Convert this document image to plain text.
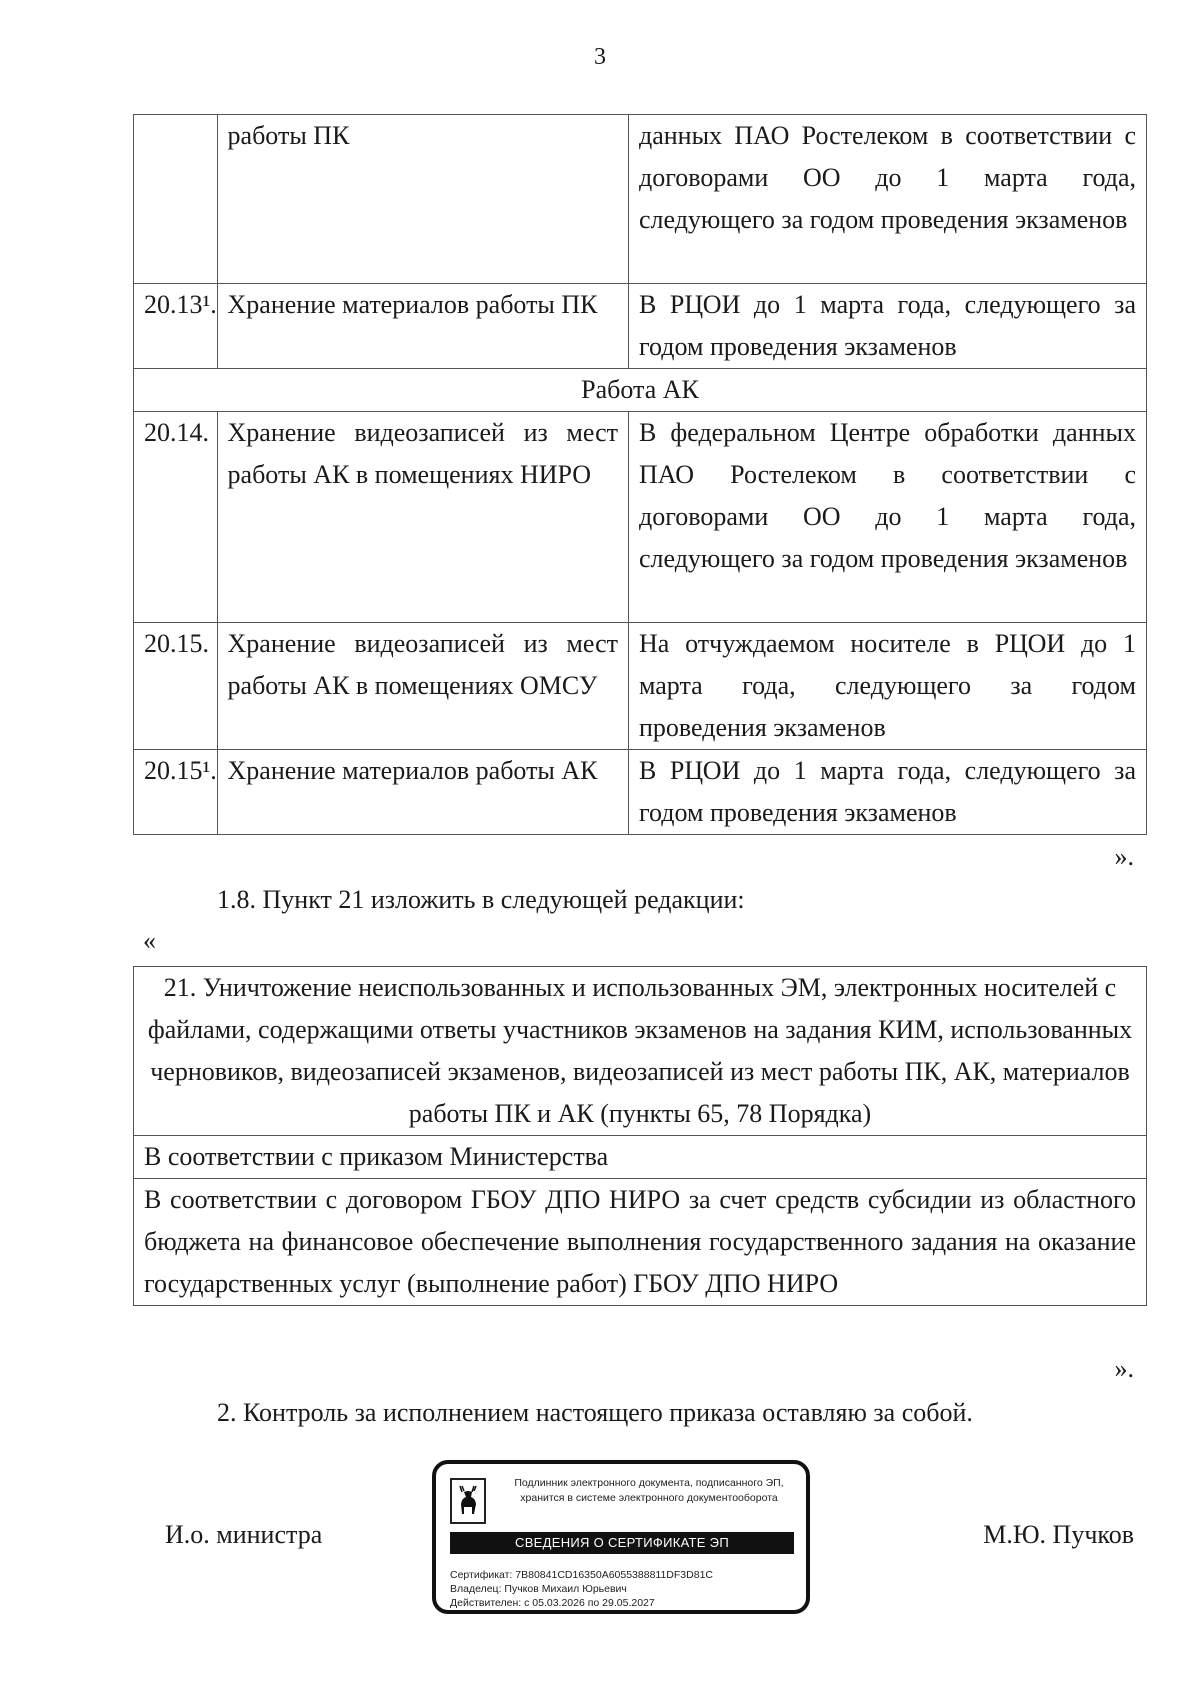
3
	работы ПК	данных ПАО Ростелеком в соответствии с договорами ОО до 1 марта года, следующего за годом проведения экзаменов
20.13¹.	Хранение материалов работы ПК	В РЦОИ до 1 марта года, следующего за годом проведения экзаменов
Работа АК		
20.14.	Хранение видеозаписей из мест работы АК в помещениях НИРО	В федеральном Центре обработки данных ПАО Ростелеком в соответствии с договорами ОО до 1 марта года, следующего за годом проведения экзаменов
20.15.	Хранение видеозаписей из мест работы АК в помещениях ОМСУ	На отчуждаемом носителе в РЦОИ до 1 марта года, следующего за годом проведения экзаменов
20.15¹.	Хранение материалов работы АК	В РЦОИ до 1 марта года, следующего за годом проведения экзаменов
».
1.8. Пункт 21 изложить в следующей редакции:
«
21. Уничтожение неиспользованных и использованных ЭМ, электронных носителей с файлами, содержащими ответы участников экзаменов на задания КИМ, использованных черновиков, видеозаписей экзаменов, видеозаписей из мест работы ПК, АК, материалов работы ПК и АК (пункты 65, 78 Порядка)
В соответствии с приказом Министерства
В соответствии с договором ГБОУ ДПО НИРО за счет средств субсидии из областного бюджета на финансовое обеспечение выполнения государственного задания на оказание государственных услуг (выполнение работ) ГБОУ ДПО НИРО
».
2. Контроль за исполнением настоящего приказа оставляю за собой.
И.о. министра
Подлинник электронного документа, подписанного ЭП, хранится в системе электронного документооборота
СВЕДЕНИЯ О СЕРТИФИКАТЕ ЭП
Сертификат: 7B80841CD16350A6055388811DF3D81C
Владелец: Пучков Михаил Юрьевич
Действителен: с 05.03.2026 по 29.05.2027
М.Ю. Пучков
